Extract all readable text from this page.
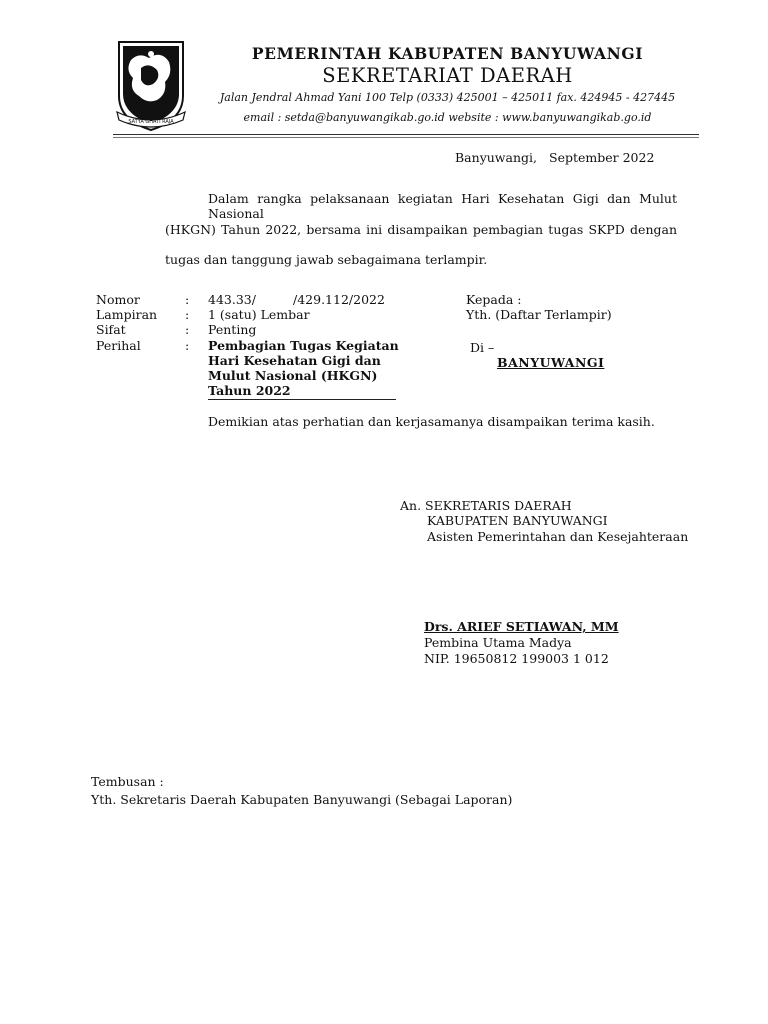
SATYA GHATI RAJA
PEMERINTAH KABUPATEN BANYUWANGI
SEKRETARIAT DAERAH
Jalan Jendral Ahmad Yani 100 Telp (0333) 425001 – 425011 fax. 424945 - 427445
email : setda@banyuwangikab.go.id website : www.banyuwangikab.go.id
Banyuwangi, September 2022
Dalam rangka pelaksanaan kegiatan Hari Kesehatan Gigi dan Mulut Nasional
(HKGN) Tahun 2022, bersama ini disampaikan pembagian tugas SKPD dengan
tugas dan tanggung jawab sebagaimana terlampir.
Nomor	: 443.33/	/429.112/2022
Lampiran : 1 (satu) Lembar
Sifat	: Penting
Perihal	: Pembagian Tugas Kegiatan
Hari Kesehatan Gigi dan
Mulut Nasional (HKGN)
Tahun 2022
Kepada :
Yth. (Daftar Terlampir)
Di –
BANYUWANGI
Demikian atas perhatian dan kerjasamanya disampaikan terima kasih.
An. SEKRETARIS DAERAH
KABUPATEN BANYUWANGI
Asisten Pemerintahan dan Kesejahteraan
Drs. ARIEF SETIAWAN, MM
Pembina Utama Madya
NIP. 19650812 199003 1 012
Tembusan :
Yth. Sekretaris Daerah Kabupaten Banyuwangi (Sebagai Laporan)
